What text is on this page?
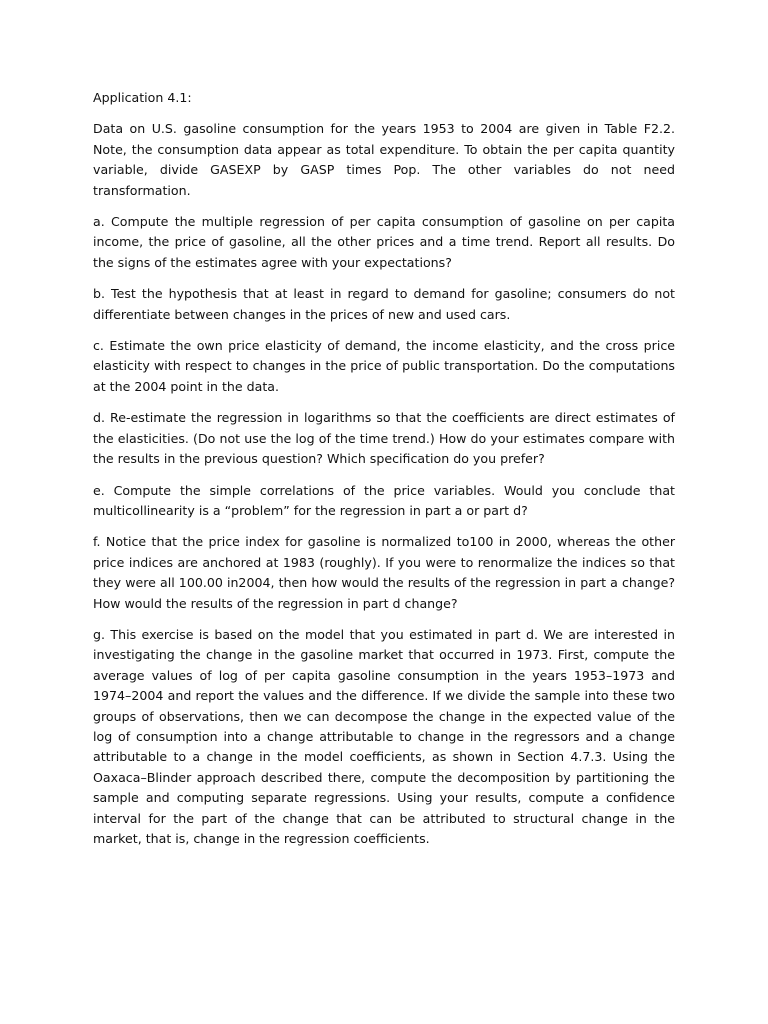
Application 4.1:

Data on U.S. gasoline consumption for the years 1953 to 2004 are given in Table F2.2. Note, the consumption data appear as total expenditure. To obtain the per capita quantity variable, divide GASEXP by GASP times Pop. The other variables do not need transformation.

a. Compute the multiple regression of per capita consumption of gasoline on per capita income, the price of gasoline, all the other prices and a time trend. Report all results. Do the signs of the estimates agree with your expectations?

b. Test the hypothesis that at least in regard to demand for gasoline; consumers do not differentiate between changes in the prices of new and used cars.

c. Estimate the own price elasticity of demand, the income elasticity, and the cross price elasticity with respect to changes in the price of public transportation. Do the computations at the 2004 point in the data.

d. Re-estimate the regression in logarithms so that the coefficients are direct estimates of the elasticities. (Do not use the log of the time trend.) How do your estimates compare with the results in the previous question? Which specification do you prefer?

e. Compute the simple correlations of the price variables. Would you conclude that multicollinearity is a “problem” for the regression in part a or part d?

f. Notice that the price index for gasoline is normalized to100 in 2000, whereas the other price indices are anchored at 1983 (roughly). If you were to renormalize the indices so that they were all 100.00 in2004, then how would the results of the regression in part a change? How would the results of the regression in part d change?

g. This exercise is based on the model that you estimated in part d. We are interested in investigating the change in the gasoline market that occurred in 1973. First, compute the average values of log of per capita gasoline consumption in the years 1953–1973 and 1974–2004 and report the values and the difference. If we divide the sample into these two groups of observations, then we can decompose the change in the expected value of the log of consumption into a change attributable to change in the regressors and a change attributable to a change in the model coefficients, as shown in Section 4.7.3. Using the Oaxaca–Blinder approach described there, compute the decomposition by partitioning the sample and computing separate regressions. Using your results, compute a confidence interval for the part of the change that can be attributed to structural change in the market, that is, change in the regression coefficients.
